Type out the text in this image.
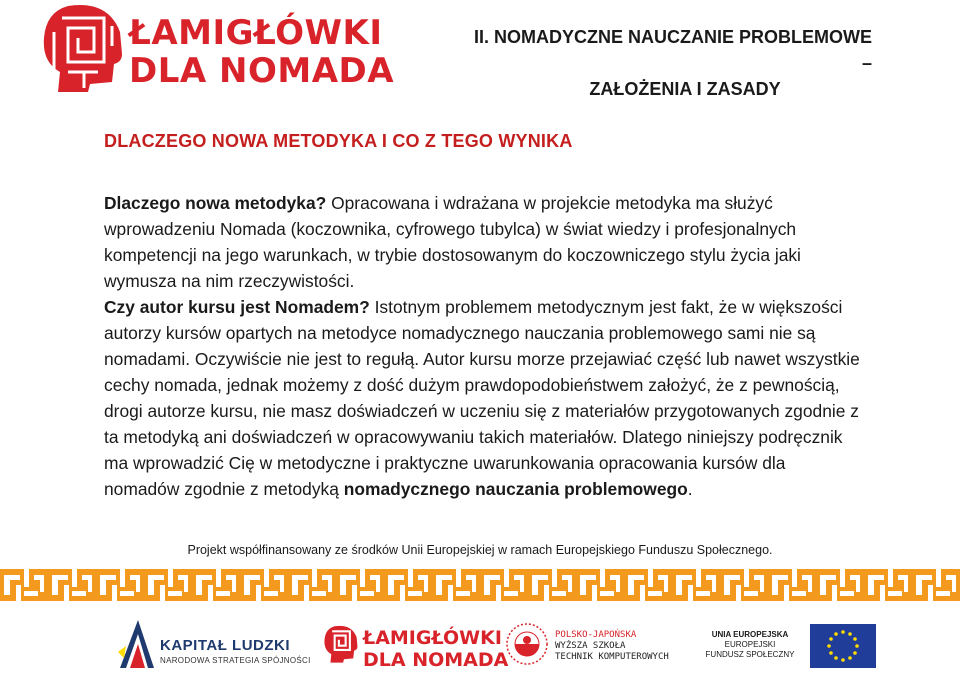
ŁAMIGŁÓWKI
DLA NOMADA
II. NOMADYCZNE NAUCZANIE PROBLEMOWE –
ZAŁOŻENIA I ZASADY
DLACZEGO NOWA METODYKA I CO Z TEGO WYNIKA

Dlaczego nowa metodyka? Opracowana i wdrażana w projekcie metodyka ma służyć wprowadzeniu Nomada (koczownika, cyfrowego tubylca) w świat wiedzy i profesjonalnych kompetencji na jego warunkach, w trybie dostosowanym do koczowniczego stylu życia jaki wymusza na nim rzeczywistości.

Czy autor kursu jest Nomadem? Istotnym problemem metodycznym jest fakt, że w większości autorzy kursów opartych na metodyce nomadycznego nauczania problemowego sami nie są nomadami. Oczywiście nie jest to regułą. Autor kursu morze przejawiać część lub nawet wszystkie cechy nomada, jednak możemy z dość dużym prawdopodobieństwem założyć, że z pewnością, drogi autorze kursu, nie masz doświadczeń w uczeniu się z materiałów przygotowanych zgodnie z ta metodyką ani doświadczeń w opracowywaniu takich materiałów. Dlatego niniejszy podręcznik ma wprowadzić Cię w metodyczne i praktyczne uwarunkowania opracowania kursów dla nomadów zgodnie z metodyką nomadycznego nauczania problemowego.

Projekt współfinansowany ze środków Unii Europejskiej w ramach Europejskiego Funduszu Społecznego.
KAPITAŁ LUDZKI
NARODOWA STRATEGIA SPÓJNOŚCI
ŁAMIGŁÓWKI
DLA NOMADA
POLSKO-JAPOŃSKA
WYŻSZA SZKOŁA
TECHNIK KOMPUTEROWYCH
UNIA EUROPEJSKA
EUROPEJSKI
FUNDUSZ SPOŁECZNY
